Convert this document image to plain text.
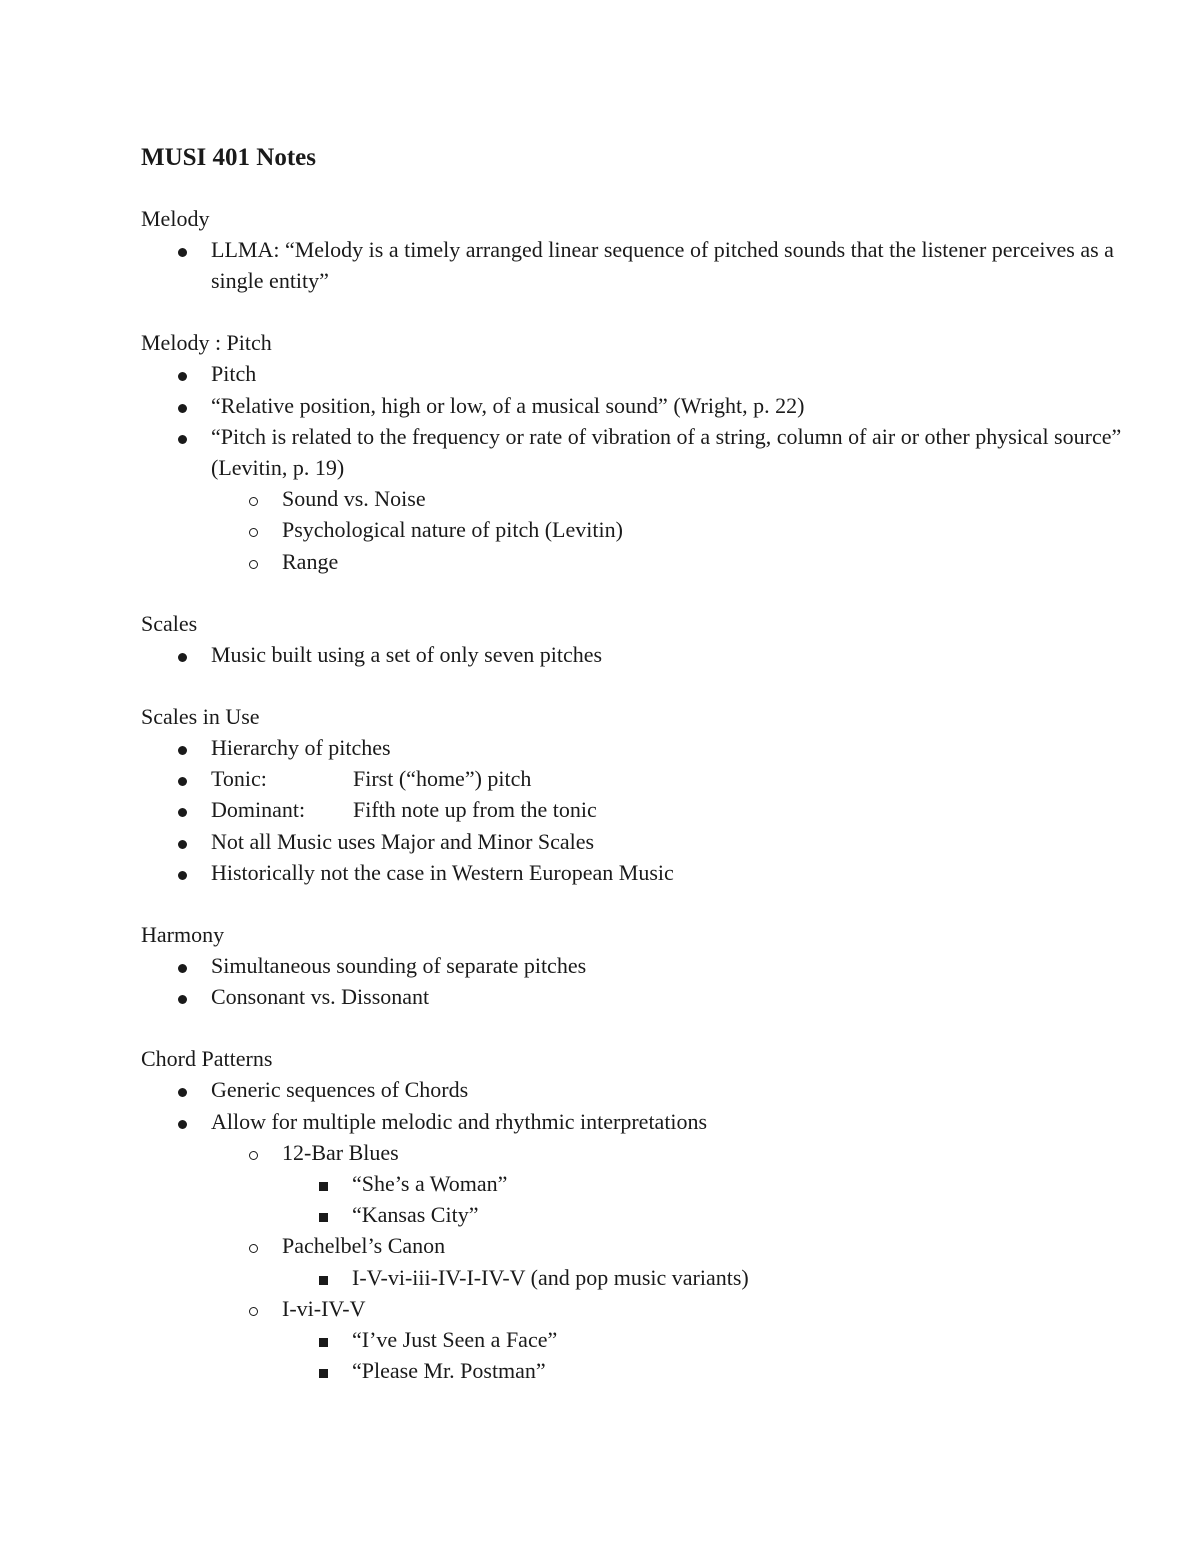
MUSI 401 Notes
Melody
LLMA: “Melody is a timely arranged linear sequence of pitched sounds that the listener perceives as a single entity”
Melody : Pitch
Pitch
“Relative position, high or low, of a musical sound” (Wright, p. 22)
“Pitch is related to the frequency or rate of vibration of a string, column of air or other physical source” (Levitin, p. 19)
Sound vs. Noise
Psychological nature of pitch (Levitin)
Range
Scales
Music built using a set of only seven pitches
Scales in Use
Hierarchy of pitches
Tonic:	First (“home”) pitch
Dominant: Fifth note up from the tonic
Not all Music uses Major and Minor Scales
Historically not the case in Western European Music
Harmony
Simultaneous sounding of separate pitches
Consonant vs. Dissonant
Chord Patterns
Generic sequences of Chords
Allow for multiple melodic and rhythmic interpretations
12-Bar Blues
“She’s a Woman”
“Kansas City”
Pachelbel’s Canon
I-V-vi-iii-IV-I-IV-V (and pop music variants)
I-vi-IV-V
“I’ve Just Seen a Face”
“Please Mr. Postman”
